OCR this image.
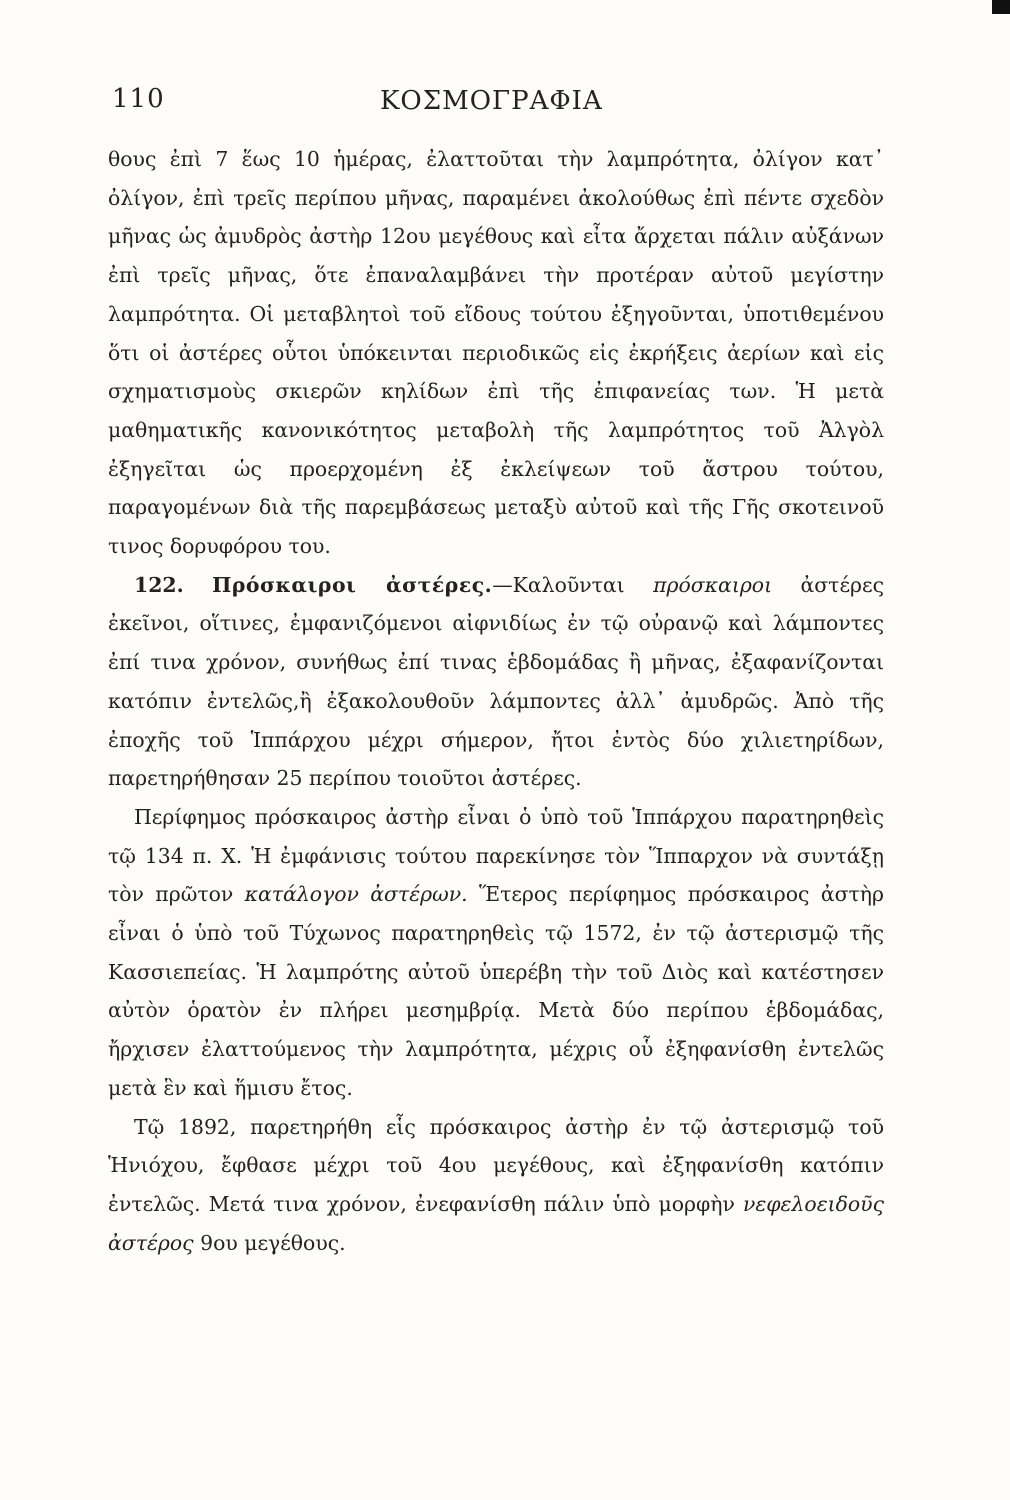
110	ΚΟΣΜΟΓΡΑΦΙΑ

θους ἐπὶ 7 ἕως 10 ἡμέρας, ἐλαττοῦται τὴν λαμπρότητα, ὀλίγον κατ᾽ ὀλίγον, ἐπὶ τρεῖς περίπου μῆνας, παραμένει ἀκολούθως ἐπὶ πέντε σχεδὸν μῆνας ὡς ἀμυδρὸς ἀστὴρ 12ου μεγέθους καὶ εἶτα ἄρχεται πάλιν αὐξάνων ἐπὶ τρεῖς μῆνας, ὅτε ἐπαναλαμβάνει τὴν προτέραν αὐτοῦ μεγίστην λαμπρότητα. Οἱ μεταβλητοὶ τοῦ εἴδους τούτου ἐξηγοῦνται, ὑποτιθεμένου ὅτι οἱ ἀστέρες οὗτοι ὑπόκεινται περιοδικῶς εἰς ἐκρήξεις ἀερίων καὶ εἰς σχηματισμοὺς σκιερῶν κηλίδων ἐπὶ τῆς ἐπιφανείας των. Ἡ μετὰ μαθηματικῆς κανονικότητος μεταβολὴ τῆς λαμπρότητος τοῦ Ἀλγὸλ ἐξηγεῖται ὡς προερχομένη ἐξ ἐκλείψεων τοῦ ἄστρου τούτου, παραγομένων διὰ τῆς παρεμβάσεως μεταξὺ αὐτοῦ καὶ τῆς Γῆς σκοτεινοῦ τινος δορυφόρου του.

122. Πρόσκαιροι ἀστέρες.—Καλοῦνται πρόσκαιροι ἀστέρες ἐκεῖνοι, οἵτινες, ἐμφανιζόμενοι αἰφνιδίως ἐν τῷ οὐρανῷ καὶ λάμποντες ἐπί τινα χρόνον, συνήθως ἐπί τινας ἑβδομάδας ἢ μῆνας, ἐξαφανίζονται κατόπιν ἐντελῶς,ἢ ἐξακολουθοῦν λάμποντες ἀλλ᾽ ἀμυδρῶς. Ἀπὸ τῆς ἐποχῆς τοῦ Ἱππάρχου μέχρι σήμερον, ἤτοι ἐντὸς δύο χιλιετηρίδων, παρετηρήθησαν 25 περίπου τοιοῦτοι ἀστέρες.

Περίφημος πρόσκαιρος ἀστὴρ εἶναι ὁ ὑπὸ τοῦ Ἱππάρχου παρατηρηθεὶς τῷ 134 π. Χ. Ἡ ἐμφάνισις τούτου παρεκίνησε τὸν Ἵππαρχον νὰ συντάξῃ τὸν πρῶτον κατάλογον ἀστέρων. Ἕτερος περίφημος πρόσκαιρος ἀστὴρ εἶναι ὁ ὑπὸ τοῦ Τύχωνος παρατηρηθεὶς τῷ 1572, ἐν τῷ ἀστερισμῷ τῆς Κασσιεπείας. Ἡ λαμπρότης αὐτοῦ ὑπερέβη τὴν τοῦ Διὸς καὶ κατέστησεν αὐτὸν ὁρατὸν ἐν πλήρει μεσημβρίᾳ. Μετὰ δύο περίπου ἑβδομάδας, ἤρχισεν ἐλαττούμενος τὴν λαμπρότητα, μέχρις οὗ ἐξηφανίσθη ἐντελῶς μετὰ ἓν καὶ ἥμισυ ἔτος.

Τῷ 1892, παρετηρήθη εἷς πρόσκαιρος ἀστὴρ ἐν τῷ ἀστερισμῷ τοῦ Ἡνιόχου, ἔφθασε μέχρι τοῦ 4ου μεγέθους, καὶ ἐξηφανίσθη κατόπιν ἐντελῶς. Μετά τινα χρόνον, ἐνεφανίσθη πάλιν ὑπὸ μορφὴν νεφελοειδοῦς ἀστέρος 9ου μεγέθους.
